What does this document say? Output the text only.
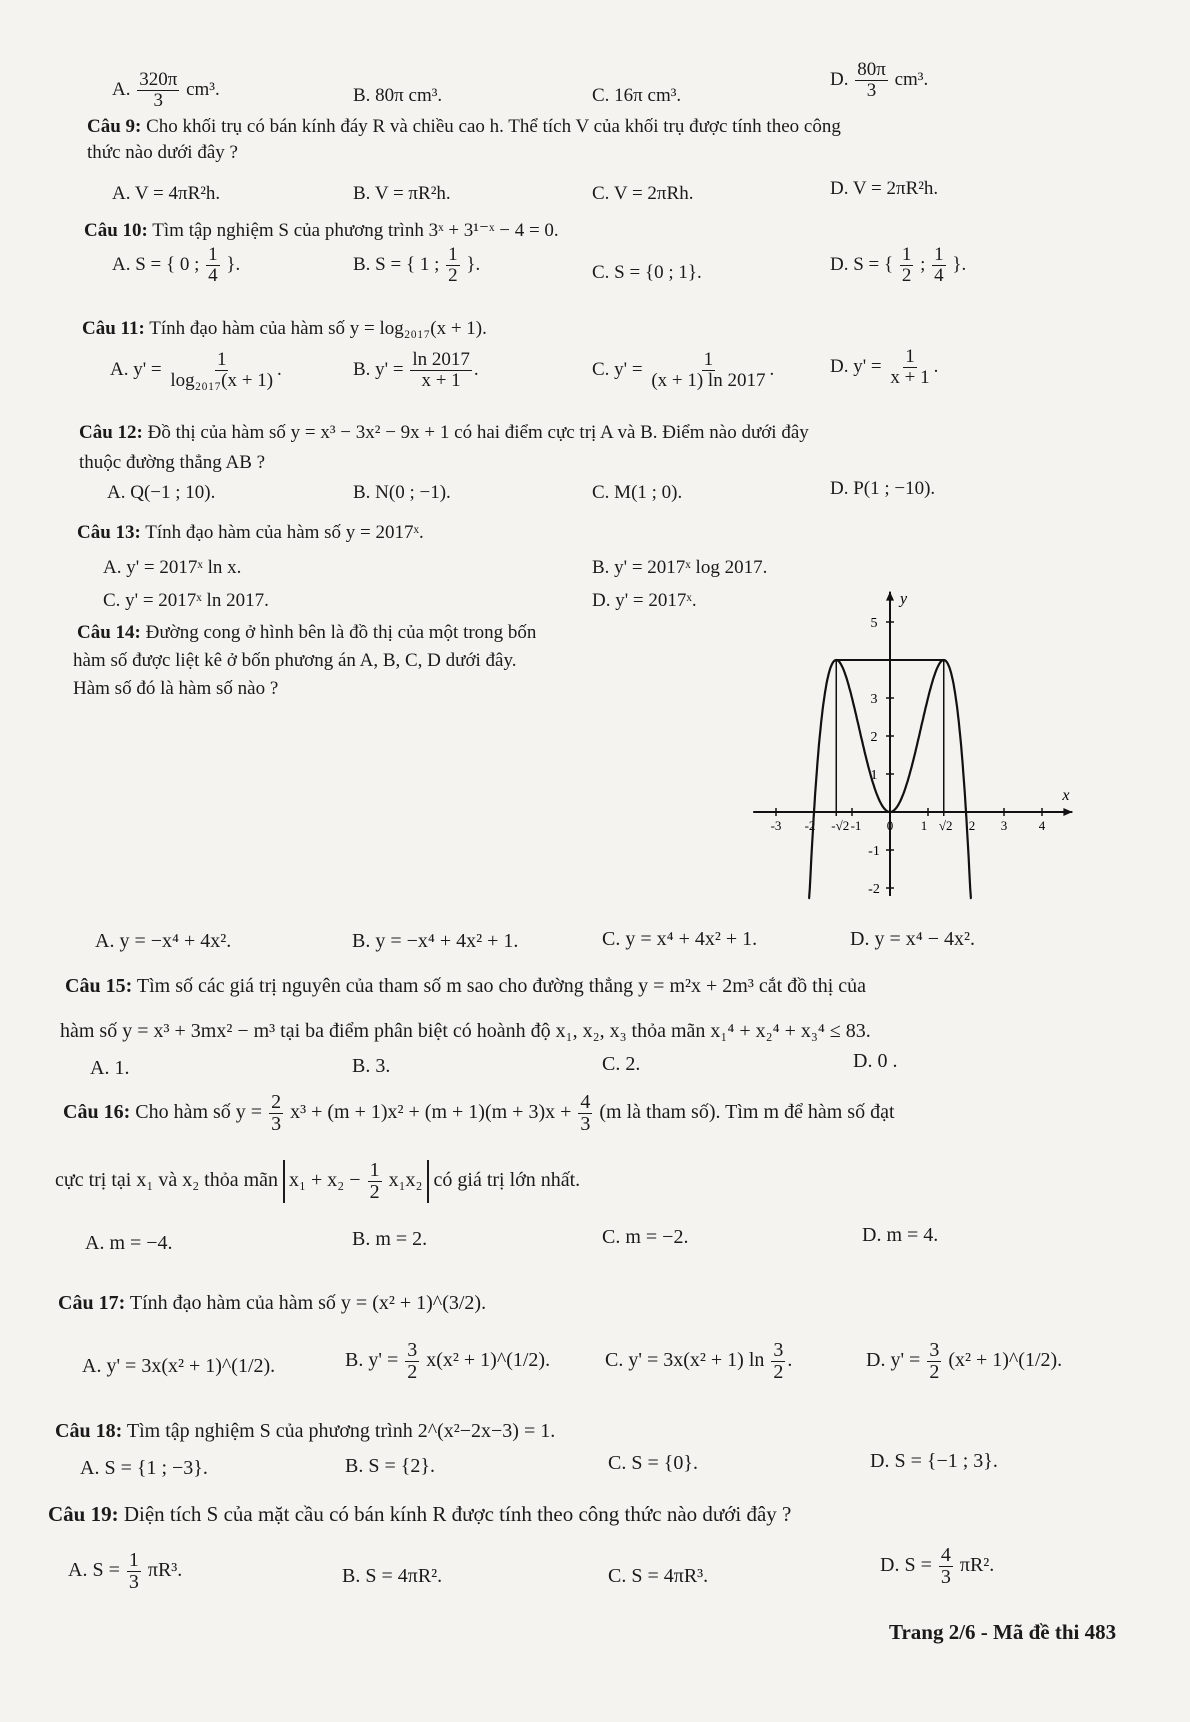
A. $\frac{320\pi}{3} cm^3$.	B. 80π cm³.	C. 16π cm³.
D. $\frac{80\pi}{3} cm^3$.
Câu 9: Cho khối trụ có bán kính đáy R và chiều cao h. Thể tích V của khối trụ được tính theo công
thức nào dưới đây ?
A. V = 4πR²h.	B. V = πR²h.	C. V = 2πRh.	D. V = 2πR²h.
Câu 10: Tìm tập nghiệm S của phương trình 3ˣ + 3¹⁻ˣ − 4 = 0.
A. S = { 0 ; $\frac{1}{4}$ }.	B. S = { 1 ; $\frac{1}{2}$ }.	C. S = {0 ; 1}.	D. S = { $\frac{1}{2}$ ; $\frac{1}{4}$ }.
Câu 11: Tính đạo hàm của hàm số y = log₂₀₁₇(x + 1).
A. $y' = \frac{1}{\text{log₂₀₁₇(x + 1)}}$ .	B. $y' = \frac{\ln 2017}{x + 1}$ .	C. $y' = \frac{1}{(x + 1) \ln 2017}$ .	D. $y' = \frac{1}{x + 1}$ .
Câu 12: Đồ thị của hàm số y = x³ − 3x² − 9x + 1 có hai điểm cực trị A và B. Điểm nào dưới đây
thuộc đường thẳng AB ?
A. Q(−1 ; 10).	B. N(0 ; −1).	C. M(1 ; 0).	D. P(1 ; −10).
Câu 13: Tính đạo hàm của hàm số y = 2017ˣ.
A. y' = 2017ˣ ln x.	B. y' = 2017ˣ log 2017.
C. y' = 2017ˣ ln 2017.	D. y' = 2017ˣ.
Câu 14: Đường cong ở hình bên là đồ thị của một trong bốn
hàm số được liệt kê ở bốn phương án A, B, C, D dưới đây.
Hàm số đó là hàm số nào ?
y
x
5
3
2
1
-1
-2
-3 -2 -√2 -1 0 1 √2 2 3 4
A. y = −x⁴ + 4x².	B. y = −x⁴ + 4x² + 1.	C. y = x⁴ + 4x² + 1.	D. y = x⁴ − 4x².
Câu 15: Tìm số các giá trị nguyên của tham số m sao cho đường thẳng y = m²x + 2m³ cắt đồ thị của
hàm số y = x³ + 3mx² − m³ tại ba điểm phân biệt có hoành độ x₁, x₂, x₃ thỏa mãn x₁⁴ + x₂⁴ + x₃⁴ ≤ 83.
A. 1.	B. 3.	C. 2.	D. 0 .
Câu 16: Cho hàm số $y = \frac{2}{3} x^3 + (m + 1)x^2 + (m + 1)(m + 3)x + \frac{4}{3} (m$ là tham số). Tìm m để hàm số đạt
cực trị tại x₁ và x₂ thỏa mãn $x_1 + x_2 - \frac{1}{2} x_1x_2$ có giá trị lớn nhất.
A. m = −4.	B. m = 2.	C. m = −2.	D. m = 4.
Câu 17: Tính đạo hàm của hàm số y = (x² + 1)^(3/2).
A. y' = 3x(x² + 1)^(1/2).	B. $y' = \frac{3}{2} x(x^2$ + 1)^(1/2).	C. y' = 3x(x² + 1) $\ln \frac{3}{2}$ .	D. $y' = \frac{3}{2} (x^2$ + 1)^(1/2).
Câu 18: Tìm tập nghiệm S của phương trình 2^(x²−2x−3) = 1.
A. S = {1 ; −3}.	B. S = {2}.	C. S = {0}.	D. S = {−1 ; 3}.
Câu 19: Diện tích S của mặt cầu có bán kính R được tính theo công thức nào dưới đây ?
A. $S = \frac{1}{3} \pi R^3$.	B. S = 4πR².	C. S = 4πR³.	D. $S = \frac{4}{3} \pi R^2$.
Trang 2/6 - Mã đề thi 483
